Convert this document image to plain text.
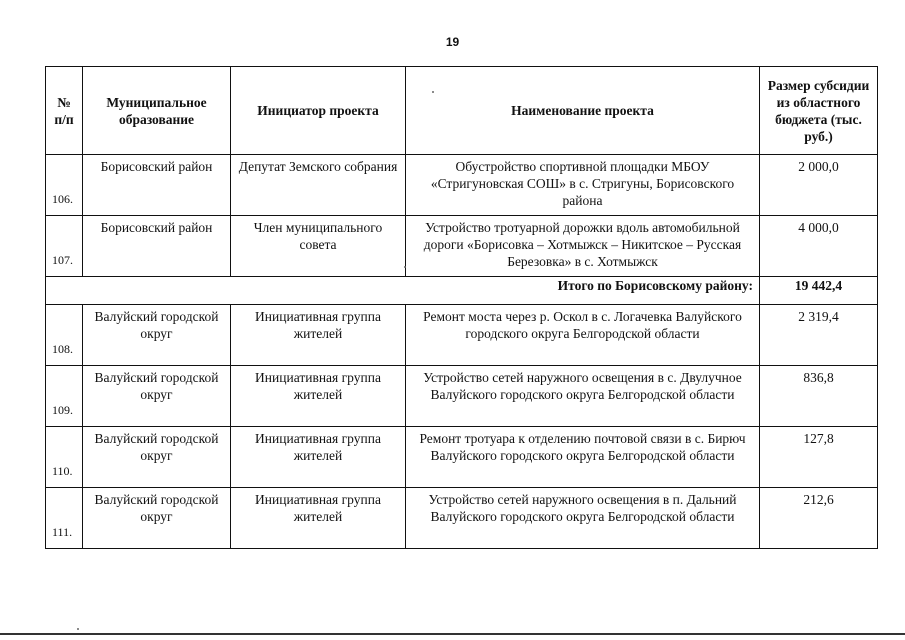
19
№ п/п	Муниципальное образование	Инициатор проекта	Наименование проекта	Размер субсидии из областного бюджета (тыс. руб.)
106.	Борисовский район	Депутат Земского собрания	Обустройство спортивной площадки МБОУ «Стригуновская СОШ» в с. Стригуны, Борисовского района	2 000,0
107.	Борисовский район	Член муниципального совета	Устройство тротуарной дорожки вдоль автомобильной дороги «Борисовка – Хотмыжск – Никитское – Русская Березовка» в с. Хотмыжск	4 000,0
Итого по Борисовскому району:				19 442,4
108.	Валуйский городской округ	Инициативная группа жителей	Ремонт моста через р. Оскол в с. Логачевка Валуйского городского округа Белгородской области	2 319,4
109.	Валуйский городской округ	Инициативная группа жителей	Устройство сетей наружного освещения в с. Двулучное Валуйского городского округа Белгородской области	836,8
110.	Валуйский городской округ	Инициативная группа жителей	Ремонт тротуара к отделению почтовой связи в с. Бирюч Валуйского городского округа Белгородской области	127,8
111.	Валуйский городской округ	Инициативная группа жителей	Устройство сетей наружного освещения в п. Дальний Валуйского городского округа Белгородской области	212,6
